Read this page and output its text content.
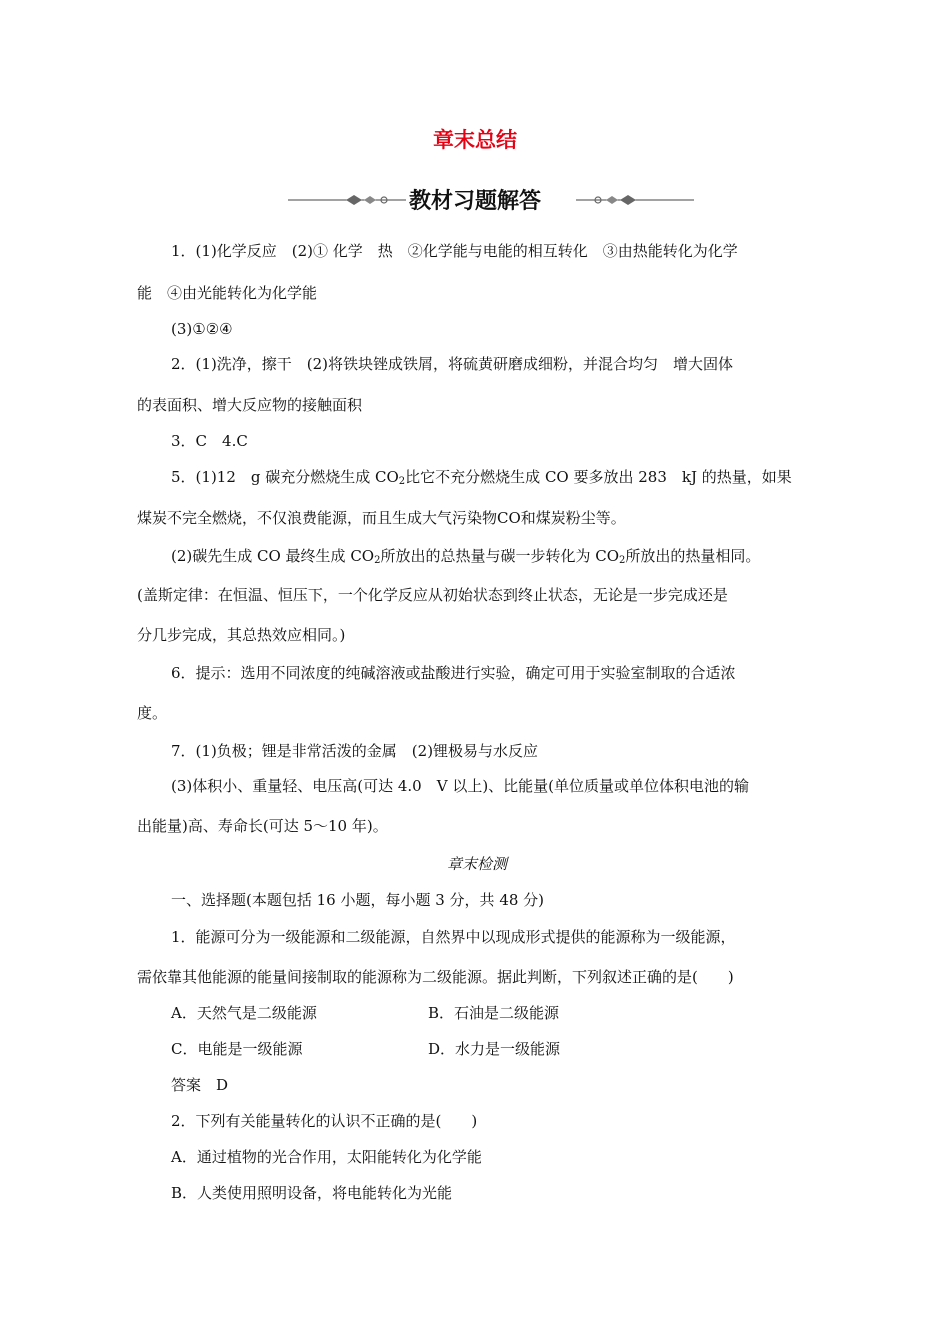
章末总结
教材习题解答
1．(1)化学反应　(2)① 化学　热　②化学能与电能的相互转化　③由热能转化为化学
能　④由光能转化为化学能
(3)①②④
2．(1)洗净，擦干　(2)将铁块锉成铁屑，将硫黄研磨成细粉，并混合均匀　增大固体
的表面积、增大反应物的接触面积
3．C　4.C
5．(1)12　g 碳充分燃烧生成 $CO_2$比它不充分燃烧生成 CO 要多放出 283　kJ 的热量，如果
煤炭不完全燃烧，不仅浪费能源，而且生成大气污染物CO和煤炭粉尘等。
(2)碳先生成 CO 最终生成 $CO_2$所放出的总热量与碳一步转化为 $CO_2$所放出的热量相同。
(盖斯定律：在恒温、恒压下，一个化学反应从初始状态到终止状态，无论是一步完成还是
分几步完成，其总热效应相同。)
6．提示：选用不同浓度的纯碱溶液或盐酸进行实验，确定可用于实验室制取的合适浓
度。
7．(1)负极；锂是非常活泼的金属　(2)锂极易与水反应
(3)体积小、重量轻、电压高(可达 4.0　V 以上)、比能量(单位质量或单位体积电池的输
出能量)高、寿命长(可达 5～10 年)。
章末检测
一、选择题(本题包括 16 小题，每小题 3 分，共 48 分)
1．能源可分为一级能源和二级能源，自然界中以现成形式提供的能源称为一级能源，
需依靠其他能源的能量间接制取的能源称为二级能源。据此判断，下列叙述正确的是(　　)
A．天然气是二级能源	B．石油是二级能源
C．电能是一级能源	D．水力是一级能源
答案　D
2．下列有关能量转化的认识不正确的是(　　)
A．通过植物的光合作用，太阳能转化为化学能
B．人类使用照明设备，将电能转化为光能
